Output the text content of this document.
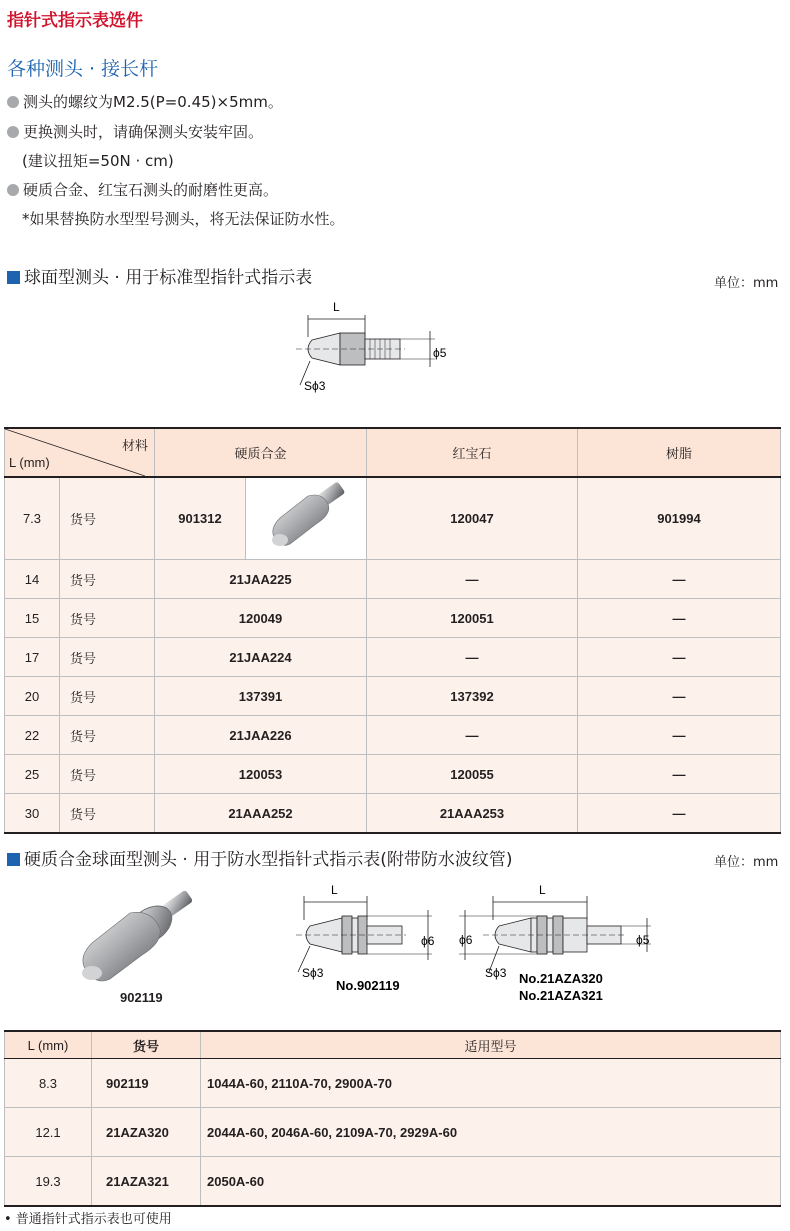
指针式指示表选件
各种测头 · 接长杆
测头的螺纹为M2.5(P=0.45)×5mm。
更换测头时，请确保测头安装牢固。
(建议扭矩=50N · cm)
硬质合金、红宝石测头的耐磨性更高。
*如果替换防水型型号测头，将无法保证防水性。
球面型测头 · 用于标准型指针式指示表	单位：mm
L
ϕ5
Sϕ3
材料
L (mm)		硬质合金		红宝石	树脂
7.3	货号	901312		120047	901994
14	货号	21JAA225		—	—
15	货号	120049		120051	—
17	货号	21JAA224		—	—
20	货号	137391		137392	—
22	货号	21JAA226		—	—
25	货号	120053		120055	—
30	货号	21AAA252		21AAA253	—
硬质合金球面型测头 · 用于防水型指针式指示表(附带防水波纹管)	单位：mm
902119
L
ϕ6
Sϕ3
No.902119
L
ϕ6	ϕ5
Sϕ3 No.21AZA320
No.21AZA321
L (mm)	货号	适用型号
8.3	902119	1044A-60, 2110A-70, 2900A-70
12.1	21AZA320	2044A-60, 2046A-60, 2109A-70, 2929A-60
19.3	21AZA321	2050A-60
• 普通指针式指示表也可使用
